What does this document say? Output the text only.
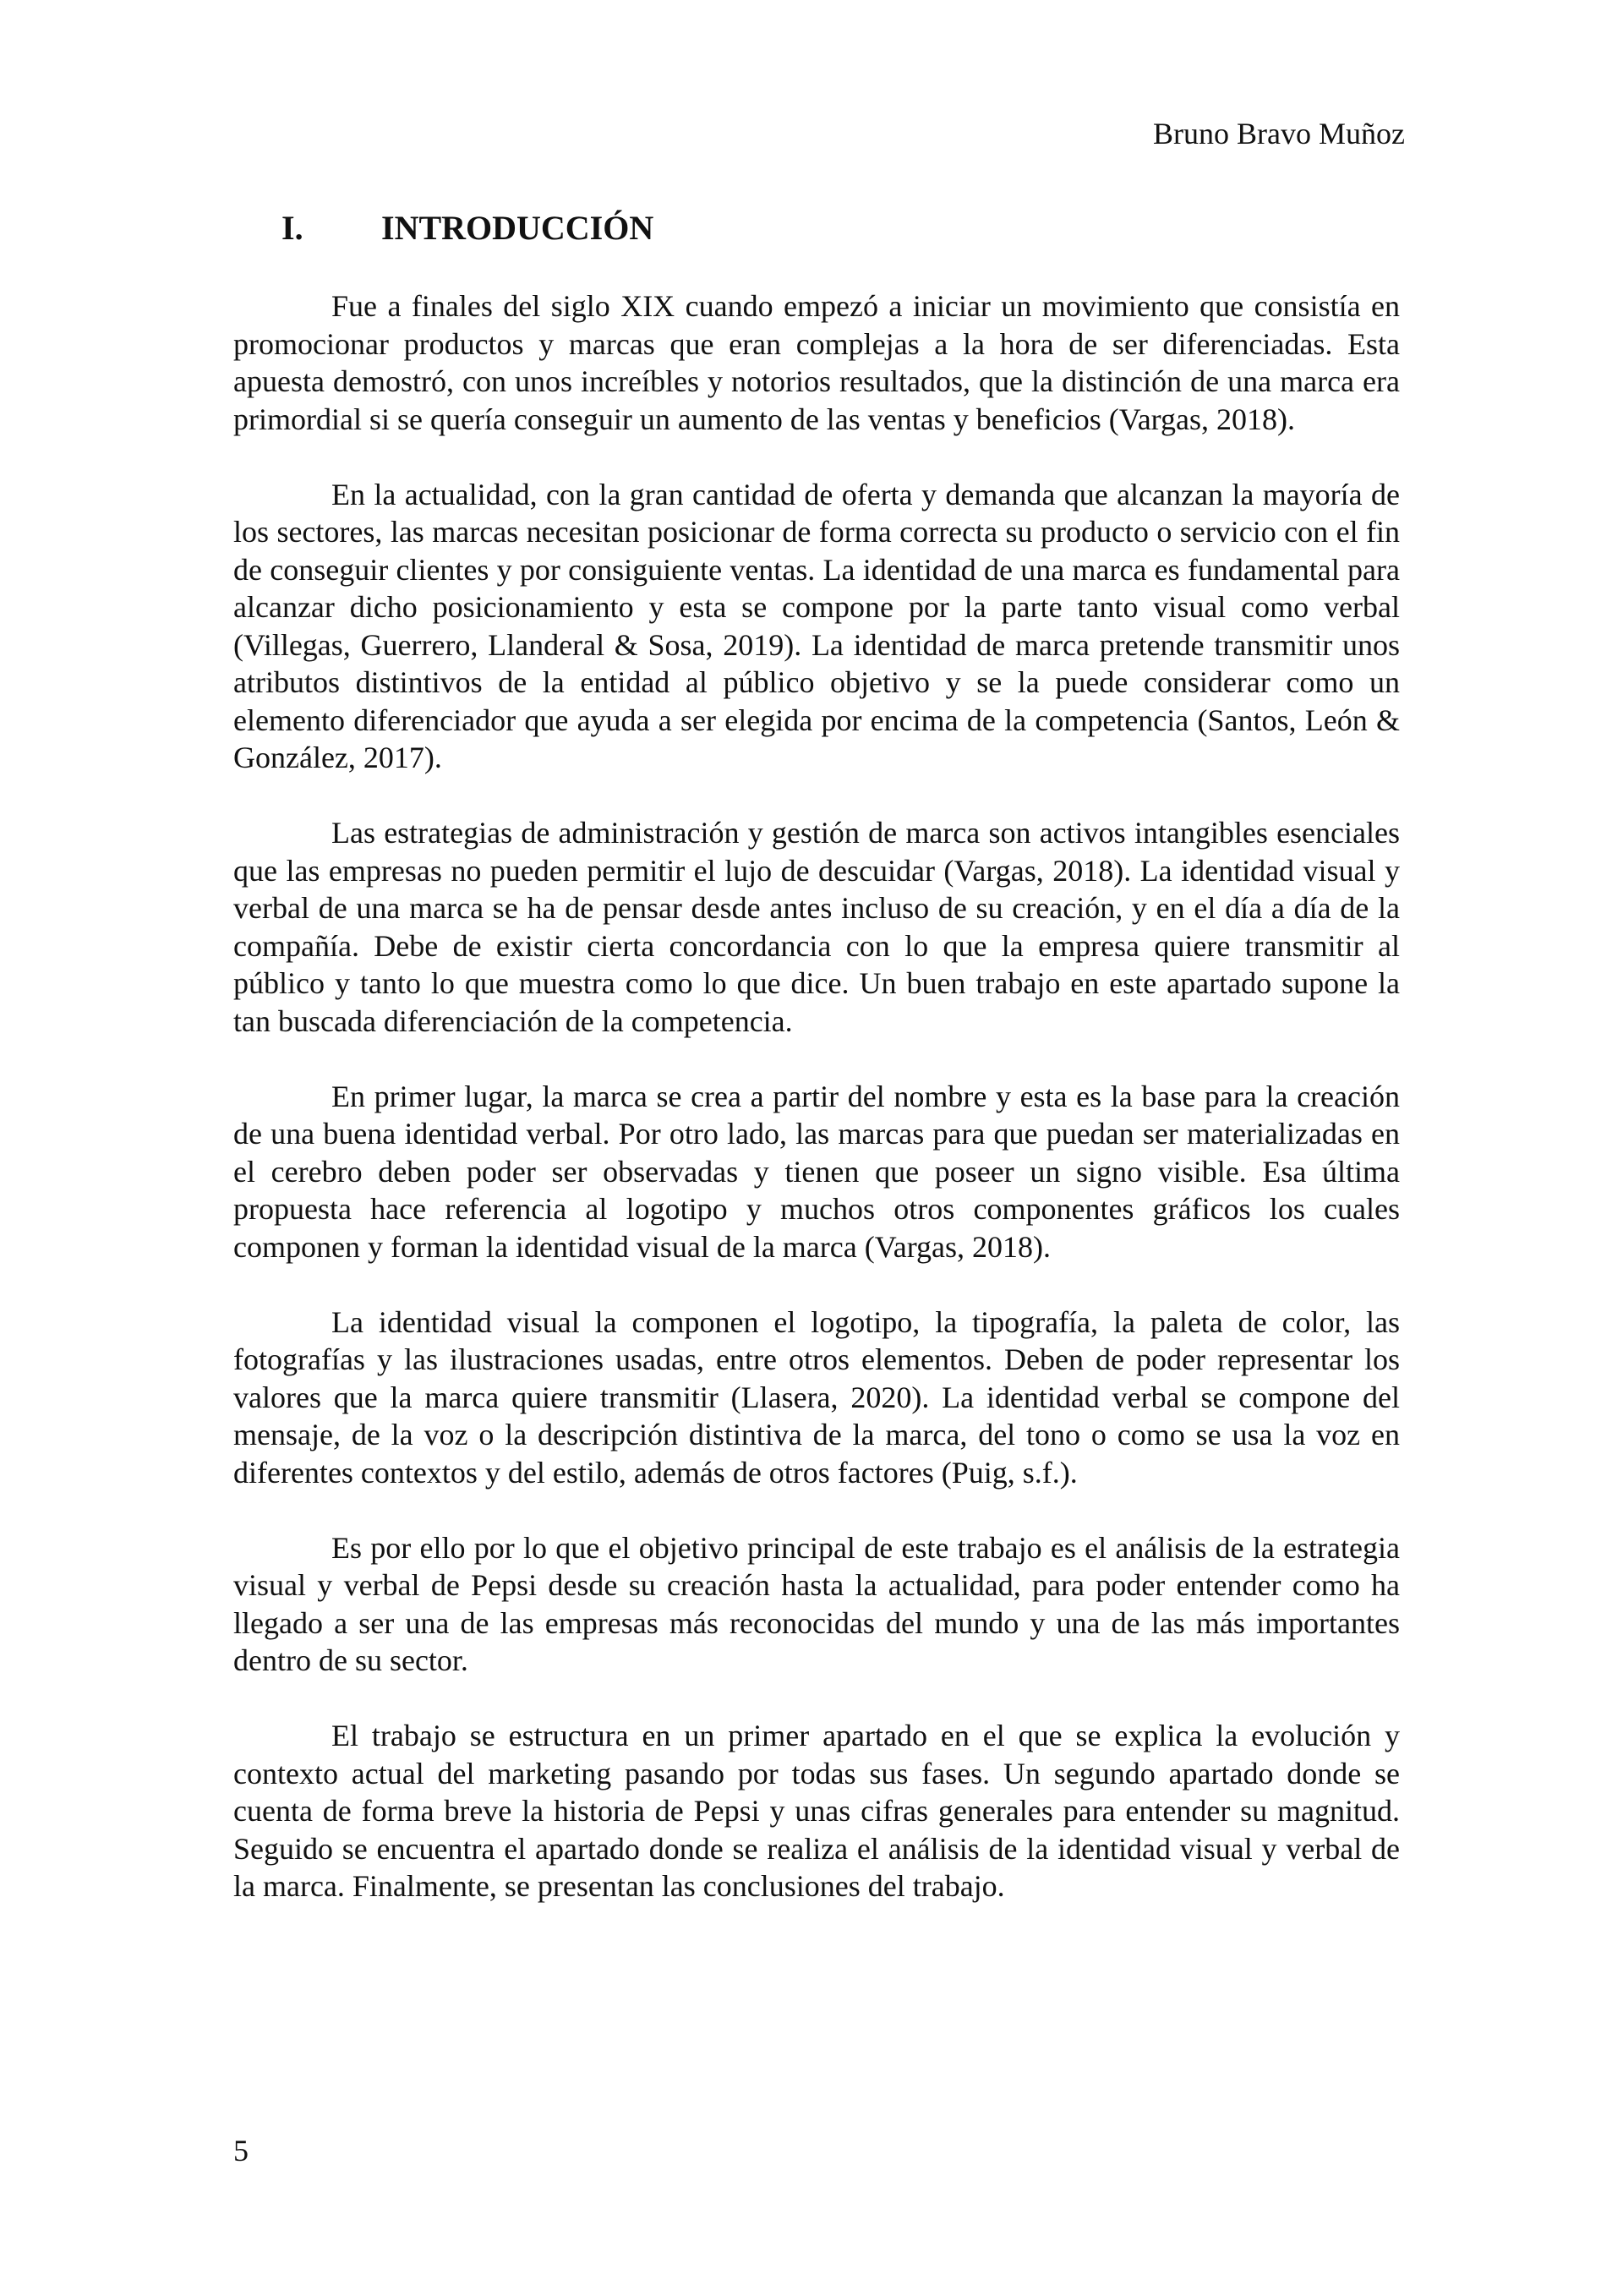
Bruno Bravo Muñoz
I. INTRODUCCIÓN

Fue a finales del siglo XIX cuando empezó a iniciar un movimiento que consistía en promocionar productos y marcas que eran complejas a la hora de ser diferenciadas. Esta apuesta demostró, con unos increíbles y notorios resultados, que la distinción de una marca era primordial si se quería conseguir un aumento de las ventas y beneficios (Vargas, 2018).

En la actualidad, con la gran cantidad de oferta y demanda que alcanzan la mayoría de los sectores, las marcas necesitan posicionar de forma correcta su producto o servicio con el fin de conseguir clientes y por consiguiente ventas. La identidad de una marca es fundamental para alcanzar dicho posicionamiento y esta se compone por la parte tanto visual como verbal (Villegas, Guerrero, Llanderal & Sosa, 2019). La identidad de marca pretende transmitir unos atributos distintivos de la entidad al público objetivo y se la puede considerar como un elemento diferenciador que ayuda a ser elegida por encima de la competencia (Santos, León & González, 2017).

Las estrategias de administración y gestión de marca son activos intangibles esenciales que las empresas no pueden permitir el lujo de descuidar (Vargas, 2018). La identidad visual y verbal de una marca se ha de pensar desde antes incluso de su creación, y en el día a día de la compañía. Debe de existir cierta concordancia con lo que la empresa quiere transmitir al público y tanto lo que muestra como lo que dice. Un buen trabajo en este apartado supone la tan buscada diferenciación de la competencia.

En primer lugar, la marca se crea a partir del nombre y esta es la base para la creación de una buena identidad verbal. Por otro lado, las marcas para que puedan ser materializadas en el cerebro deben poder ser observadas y tienen que poseer un signo visible. Esa última propuesta hace referencia al logotipo y muchos otros componentes gráficos los cuales componen y forman la identidad visual de la marca (Vargas, 2018).

La identidad visual la componen el logotipo, la tipografía, la paleta de color, las fotografías y las ilustraciones usadas, entre otros elementos. Deben de poder representar los valores que la marca quiere transmitir (Llasera, 2020). La identidad verbal se compone del mensaje, de la voz o la descripción distintiva de la marca, del tono o como se usa la voz en diferentes contextos y del estilo, además de otros factores (Puig, s.f.).

Es por ello por lo que el objetivo principal de este trabajo es el análisis de la estrategia visual y verbal de Pepsi desde su creación hasta la actualidad, para poder entender como ha llegado a ser una de las empresas más reconocidas del mundo y una de las más importantes dentro de su sector.

El trabajo se estructura en un primer apartado en el que se explica la evolución y contexto actual del marketing pasando por todas sus fases. Un segundo apartado donde se cuenta de forma breve la historia de Pepsi y unas cifras generales para entender su magnitud. Seguido se encuentra el apartado donde se realiza el análisis de la identidad visual y verbal de la marca. Finalmente, se presentan las conclusiones del trabajo.

5
